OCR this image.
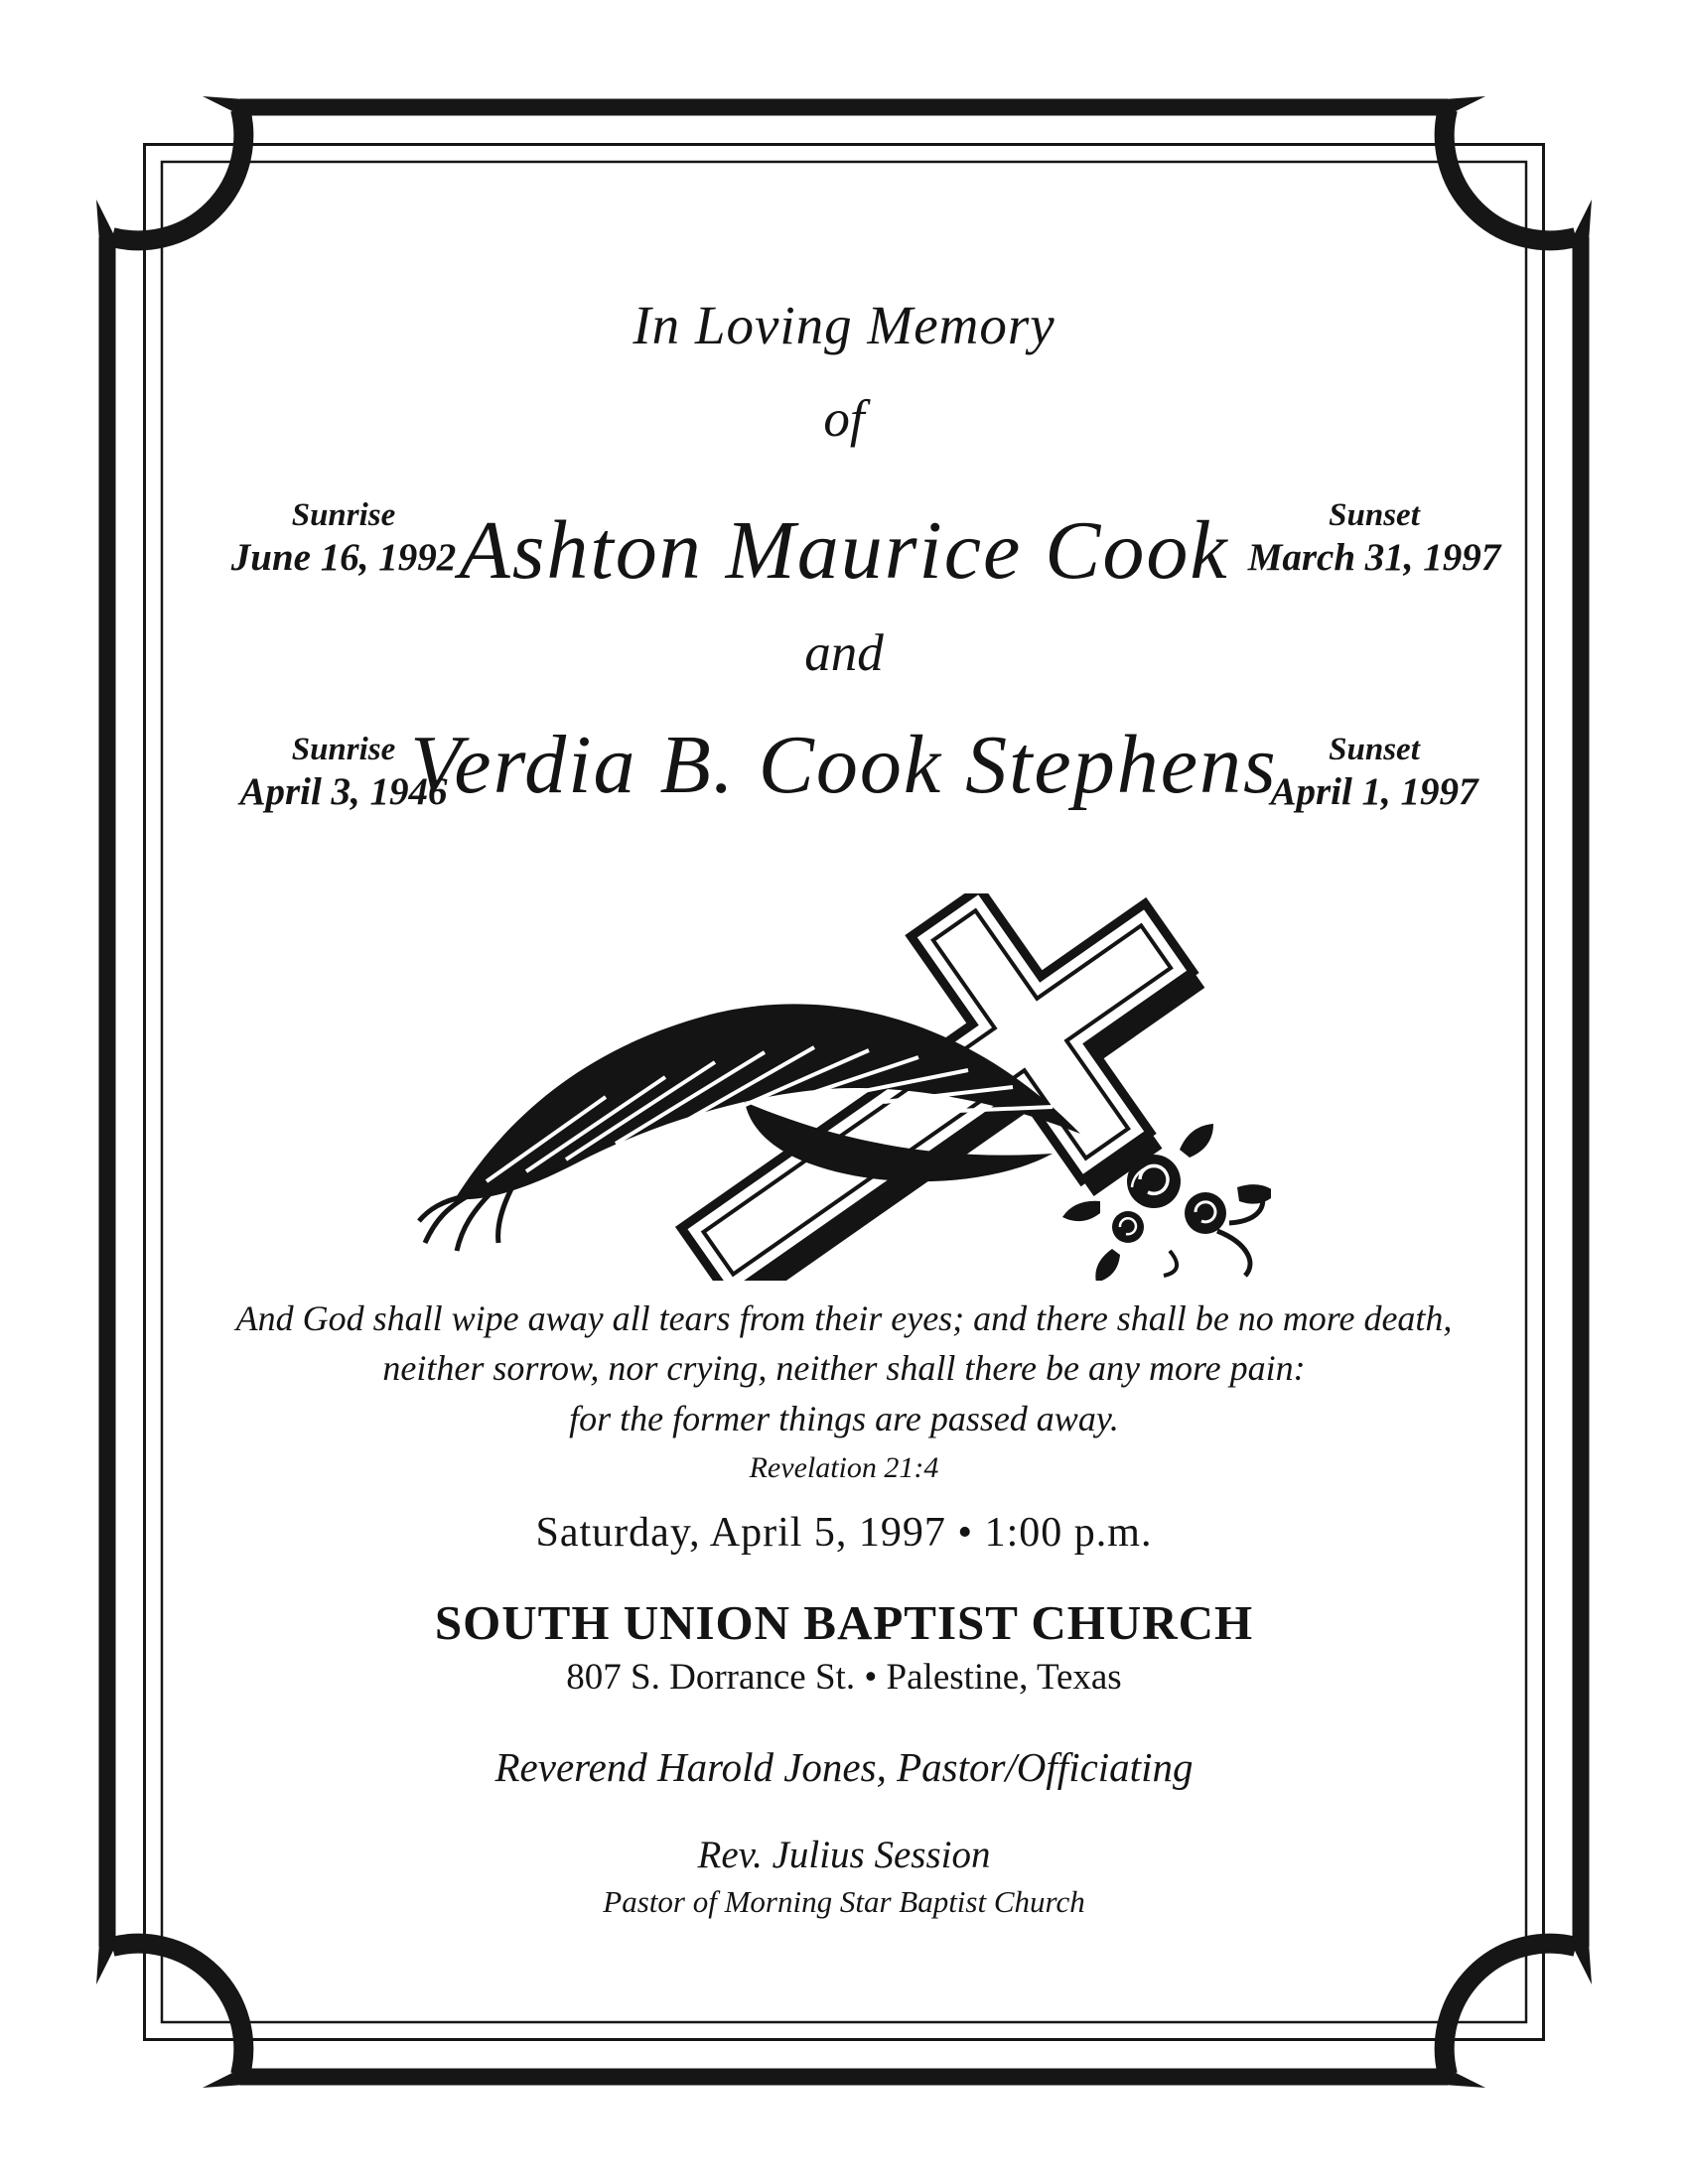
In Loving Memory
of
Sunrise
June 16, 1992 Ashton Maurice Cook	Sunset
March 31, 1997
and
Sunrise
April 3, 1946
Verdia B. Cook Stephens	Sunset
April 1, 1997
And God shall wipe away all tears from their eyes; and there shall be no more death,
neither sorrow, nor crying, neither shall there be any more pain:
for the former things are passed away.
Revelation 21:4
Saturday, April 5, 1997 • 1:00 p.m.
SOUTH UNION BAPTIST CHURCH
807 S. Dorrance St. • Palestine, Texas
Reverend Harold Jones, Pastor/Officiating
Rev. Julius Session
Pastor of Morning Star Baptist Church
